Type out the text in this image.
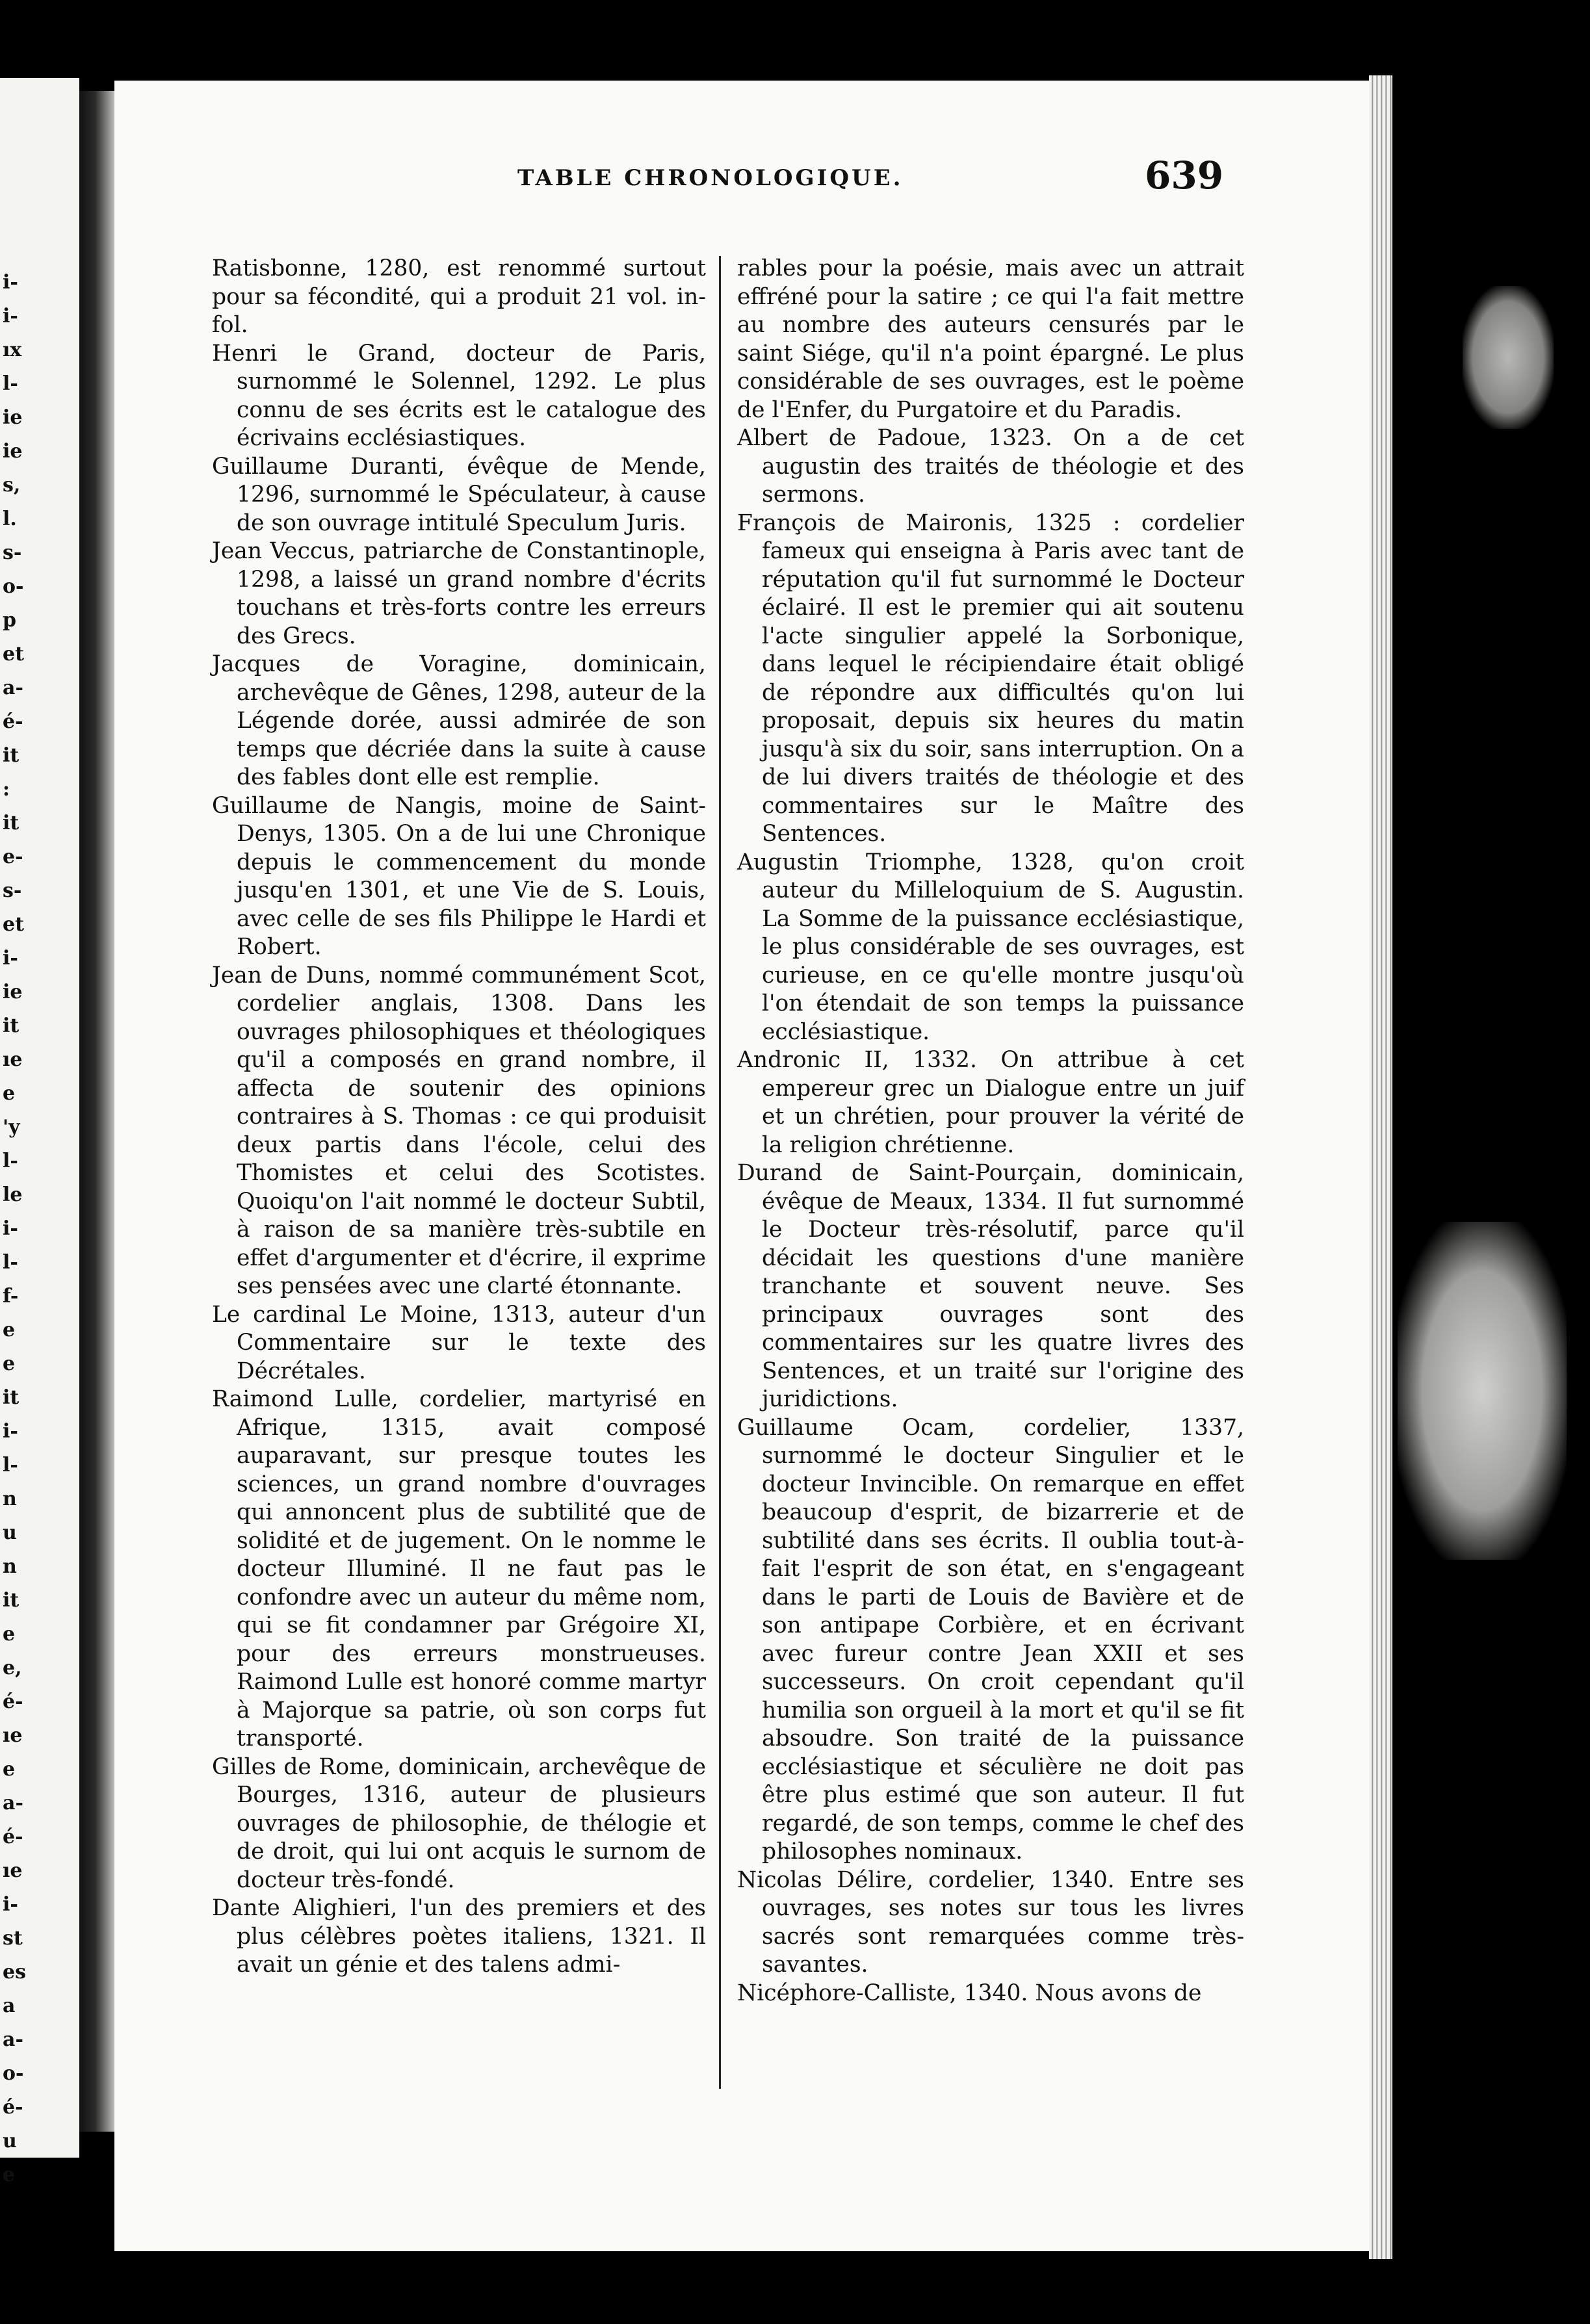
i-
i-
ıx
l-
ie
ie
s,
l.
s-
o-
p
et
a-
é-
it
:
it
e-
s-
et
i-
ie
it
ıe
e
'y
l-
le
i-
l-
f-
e
e
it
i-
l-
n
u
n
it
e
e,
é-
ıe
e
a-
é-
ıe
i-
st
es
a
a-
o-
é-
u
e
TABLE CHRONOLOGIQUE.	639

Ratisbonne, 1280, est renommé surtout pour sa fécondité, qui a produit 21 vol. in-fol.

Henri le Grand, docteur de Paris, surnommé le Solennel, 1292. Le plus connu de ses écrits est le catalogue des écrivains ecclésiastiques.

Guillaume Duranti, évêque de Mende, 1296, surnommé le Spéculateur, à cause de son ouvrage intitulé Speculum Juris.

Jean Veccus, patriarche de Constantinople, 1298, a laissé un grand nombre d'écrits touchans et très-forts contre les erreurs des Grecs.

Jacques de Voragine, dominicain, archevêque de Gênes, 1298, auteur de la Légende dorée, aussi admirée de son temps que décriée dans la suite à cause des fables dont elle est remplie.

Guillaume de Nangis, moine de Saint-Denys, 1305. On a de lui une Chronique depuis le commencement du monde jusqu'en 1301, et une Vie de S. Louis, avec celle de ses fils Philippe le Hardi et Robert.

Jean de Duns, nommé communément Scot, cordelier anglais, 1308. Dans les ouvrages philosophiques et théologiques qu'il a composés en grand nombre, il affecta de soutenir des opinions contraires à S. Thomas : ce qui produisit deux partis dans l'école, celui des Thomistes et celui des Scotistes. Quoiqu'on l'ait nommé le docteur Subtil, à raison de sa manière très-subtile en effet d'argumenter et d'écrire, il exprime ses pensées avec une clarté étonnante.

Le cardinal Le Moine, 1313, auteur d'un Commentaire sur le texte des Décrétales.

Raimond Lulle, cordelier, martyrisé en Afrique, 1315, avait composé auparavant, sur presque toutes les sciences, un grand nombre d'ouvrages qui annoncent plus de subtilité que de solidité et de jugement. On le nomme le docteur Illuminé. Il ne faut pas le confondre avec un auteur du même nom, qui se fit condamner par Grégoire XI, pour des erreurs monstrueuses. Raimond Lulle est honoré comme martyr à Majorque sa patrie, où son corps fut transporté.

Gilles de Rome, dominicain, archevêque de Bourges, 1316, auteur de plusieurs ouvrages de philosophie, de thélogie et de droit, qui lui ont acquis le surnom de docteur très-fondé.

Dante Alighieri, l'un des premiers et des plus célèbres poètes italiens, 1321. Il avait un génie et des talens admi-

rables pour la poésie, mais avec un attrait effréné pour la satire ; ce qui l'a fait mettre au nombre des auteurs censurés par le saint Siége, qu'il n'a point épargné. Le plus considérable de ses ouvrages, est le poème de l'Enfer, du Purgatoire et du Paradis.

Albert de Padoue, 1323. On a de cet augustin des traités de théologie et des sermons.

François de Maironis, 1325 : cordelier fameux qui enseigna à Paris avec tant de réputation qu'il fut surnommé le Docteur éclairé. Il est le premier qui ait soutenu l'acte singulier appelé la Sorbonique, dans lequel le récipiendaire était obligé de répondre aux difficultés qu'on lui proposait, depuis six heures du matin jusqu'à six du soir, sans interruption. On a de lui divers traités de théologie et des commentaires sur le Maître des Sentences.

Augustin Triomphe, 1328, qu'on croit auteur du Milleloquium de S. Augustin. La Somme de la puissance ecclésiastique, le plus considérable de ses ouvrages, est curieuse, en ce qu'elle montre jusqu'où l'on étendait de son temps la puissance ecclésiastique.

Andronic II, 1332. On attribue à cet empereur grec un Dialogue entre un juif et un chrétien, pour prouver la vérité de la religion chrétienne.

Durand de Saint-Pourçain, dominicain, évêque de Meaux, 1334. Il fut surnommé le Docteur très-résolutif, parce qu'il décidait les questions d'une manière tranchante et souvent neuve. Ses principaux ouvrages sont des commentaires sur les quatre livres des Sentences, et un traité sur l'origine des juridictions.

Guillaume Ocam, cordelier, 1337, surnommé le docteur Singulier et le docteur Invincible. On remarque en effet beaucoup d'esprit, de bizarrerie et de subtilité dans ses écrits. Il oublia tout-à-fait l'esprit de son état, en s'engageant dans le parti de Louis de Bavière et de son antipape Corbière, et en écrivant avec fureur contre Jean XXII et ses successeurs. On croit cependant qu'il humilia son orgueil à la mort et qu'il se fit absoudre. Son traité de la puissance ecclésiastique et séculière ne doit pas être plus estimé que son auteur. Il fut regardé, de son temps, comme le chef des philosophes nominaux.

Nicolas Délire, cordelier, 1340. Entre ses ouvrages, ses notes sur tous les livres sacrés sont remarquées comme très-savantes.

Nicéphore-Calliste, 1340. Nous avons de
